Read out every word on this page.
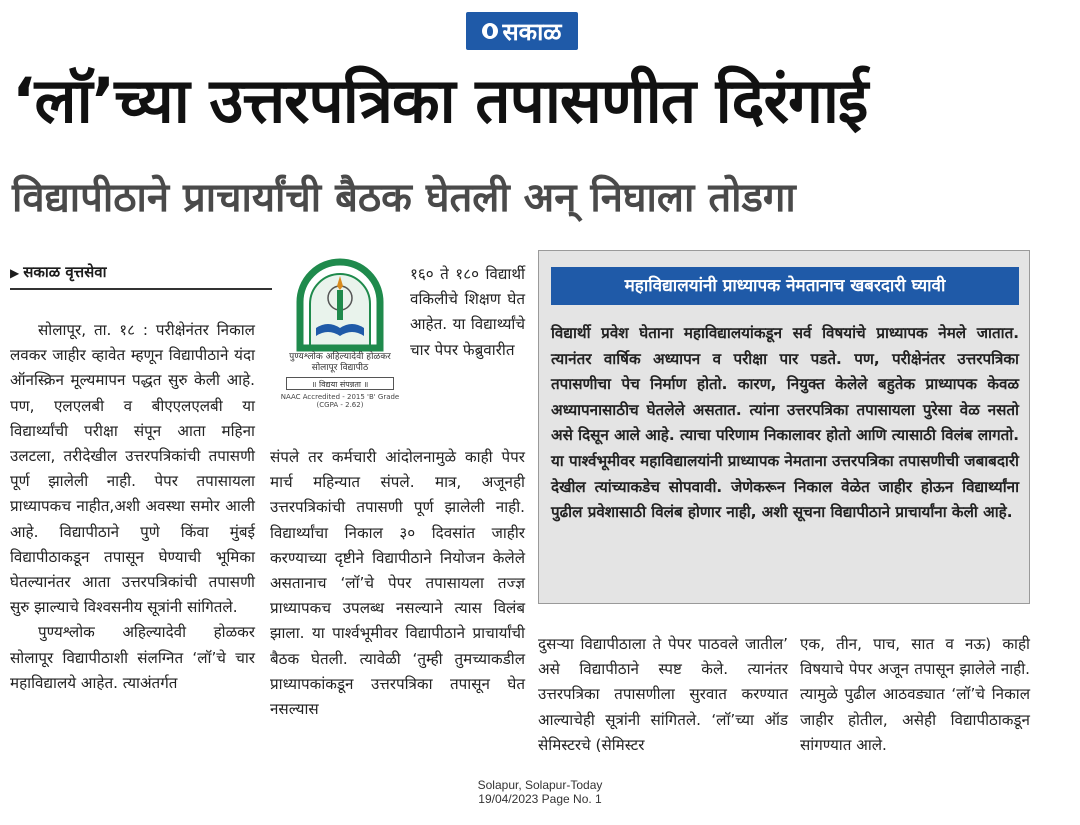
सकाळ
‘लॉ’च्या उत्तरपत्रिका तपासणीत दिरंगाई
विद्यापीठाने प्राचार्यांची बैठक घेतली अन् निघाला तोडगा
▶ सकाळ वृत्तसेवा

सोलापूर, ता. १८ : परीक्षेनंतर निकाल लवकर जाहीर व्हावेत म्हणून विद्यापीठाने यंदा ऑनस्क्रिन मूल्यमापन पद्धत सुरु केली आहे. पण, एलएलबी व बीएएलएलबी या विद्यार्थ्यांची परीक्षा संपून आता महिना उलटला, तरीदेखील उत्तरपत्रिकांची तपासणी पूर्ण झालेली नाही. पेपर तपासायला प्राध्यापकच नाहीत,अशी अवस्था समोर आली आहे. विद्यापीठाने पुणे किंवा मुंबई विद्यापीठाकडून तपासून घेण्याची भूमिका घेतल्यानंतर आता उत्तरपत्रिकांची तपासणी सुरु झाल्याचे विश्वसनीय सूत्रांनी सांगितले.

पुण्यश्लोक अहिल्यादेवी होळकर सोलापूर विद्यापीठाशी संलग्नित ‘लॉ’चे चार महाविद्यालये आहेत. त्याअंतर्गत

पुण्यश्लोक अहिल्यादेवी होळकर सोलापूर विद्यापीठ
॥ विद्यया संपन्नता ॥
NAAC Accredited - 2015 'B' Grade (CGPA - 2.62)

१६० ते १८० विद्यार्थी वकिलीचे शिक्षण घेत आहेत. या विद्यार्थ्यांचे चार पेपर फेब्रुवारीत

संपले तर कर्मचारी आंदोलनामुळे काही पेपर मार्च महिन्यात संपले. मात्र, अजूनही उत्तरपत्रिकांची तपासणी पूर्ण झालेली नाही. विद्यार्थ्यांचा निकाल ३० दिवसांत जाहीर करण्याच्या दृष्टीने विद्यापीठाने नियोजन केलेले असतानाच ‘लॉ’चे पेपर तपासायला तज्ज्ञ प्राध्यापकच उपलब्ध नसल्याने त्यास विलंब झाला. या पार्श्वभूमीवर विद्यापीठाने प्राचार्यांची बैठक घेतली. त्यावेळी ‘तुम्ही तुमच्याकडील प्राध्यापकांकडून उत्तरपत्रिका तपासून घेत नसल्यास

महाविद्यालयांनी प्राध्यापक नेमतानाच खबरदारी घ्यावी
विद्यार्थी प्रवेश घेताना महाविद्यालयांकडून सर्व विषयांचे प्राध्यापक नेमले जातात. त्यानंतर वार्षिक अध्यापन व परीक्षा पार पडते. पण, परीक्षेनंतर उत्तरपत्रिका तपासणीचा पेच निर्माण होतो. कारण, नियुक्त केलेले बहुतेक प्राध्यापक केवळ अध्यापनासाठीच घेतलेले असतात. त्यांना उत्तरपत्रिका तपासायला पुरेसा वेळ नसतो असे दिसून आले आहे. त्याचा परिणाम निकालावर होतो आणि त्यासाठी विलंब लागतो. या पार्श्वभूमीवर महाविद्यालयांनी प्राध्यापक नेमताना उत्तरपत्रिका तपासणीची जबाबदारी देखील त्यांच्याकडेच सोपवावी. जेणेकरून निकाल वेळेत जाहीर होऊन विद्यार्थ्यांना पुढील प्रवेशासाठी विलंब होणार नाही, अशी सूचना विद्यापीठाने प्राचार्यांना केली आहे.

दुसऱ्या विद्यापीठाला ते पेपर पाठवले जातील’ असे विद्यापीठाने स्पष्ट केले. त्यानंतर उत्तरपत्रिका तपासणीला सुरवात करण्यात आल्याचेही सूत्रांनी सांगितले. ‘लॉ’च्या ऑड सेमिस्टरचे (सेमिस्टर

एक, तीन, पाच, सात व नऊ) काही विषयाचे पेपर अजून तपासून झालेले नाही. त्यामुळे पुढील आठवड्यात ‘लॉ’चे निकाल जाहीर होतील, असेही विद्यापीठाकडून सांगण्यात आले.

Solapur, Solapur-Today
19/04/2023 Page No. 1
